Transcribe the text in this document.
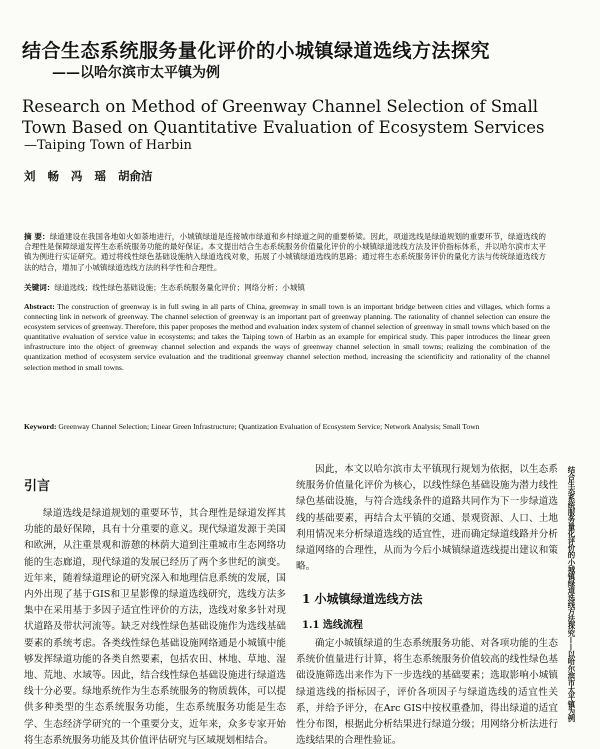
结合生态系统服务量化评价的小城镇绿道选线方法探究
——以哈尔滨市太平镇为例
Research on Method of Greenway Channel Selection of Small Town Based on Quantitative Evaluation of Ecosystem Services
—Taiping Town of Harbin
刘 畅 冯 瑶 胡俞洁
摘 要：绿道建设在我国各地如火如荼地进行，小城镇绿道是连接城市绿道和乡村绿道之间的重要桥梁。因此，项道选线是绿道规划的重要环节，绿道选线的合理性是保障绿道发挥生态系统服务功能的最好保证。本文提出结合生态系统服务价值量化评价的小城镇绿道选线方法及评价指标体系，并以哈尔滨市太平镇为例进行实证研究。通过将线性绿色基础设施纳入绿道选线对象，拓展了小城镇绿道选线的思路；通过将生态系统服务评价的量化方法与传统绿道选线方法的结合，增加了小城镇绿道选线方法的科学性和合理性。
关键词：绿道选线；线性绿色基础设施；生态系统服务量化评价；网络分析；小城镇
Abstract: The construction of greenway is in full swing in all parts of China, greenway in small town is an important bridge between cities and villages, which forms a connecting link in network of greenway. The channel selection of greenway is an important part of greenway planning. The rationality of channel selection can ensure the ecosystem services of greenway. Therefore, this paper proposes the method and evaluation index system of channel selection of greenway in small towns which based on the quantitative evaluation of service value in ecosystems; and takes the Taiping town of Harbin as an example for empirical study. This paper introduces the linear green infrastructure into the object of greenway channel selection and expands the ways of greenway channel selection in small towns; realizing the combination of the quantization method of ecosystem service evaluation and the traditional greenway channel selection method, increasing the scientificity and rationality of the channel selection method in small towns.
Keyword: Greenway Channel Selection; Linear Green Infrastructure; Quantization Evaluation of Ecosystem Service; Network Analysis; Small Town
引言
绿道选线是绿道规划的重要环节，其合理性是绿道发挥其功能的最好保障，具有十分重要的意义。现代绿道发源于美国和欧洲，从注重景观和游憩的林荫大道到注重城市生态网络功能的生态廊道，现代绿道的发展已经历了两个多世纪的演变。近年来，随着绿道理论的研究深入和地理信息系统的发展，国内外出现了基于GIS和卫星影像的绿道选线研究，选线方法多集中在采用基于多因子适宜性评价的方法，选线对象多针对现状道路及带状河流等。缺乏对线性绿色基础设施作为选线基础要素的系统考虑。各类线性绿色基础设施网络通是小城镇中能够发挥绿道功能的各类自然要素，包括农田、林地、草地、湿地、荒地、水域等。因此，结合线性绿色基础设施进行绿道选线十分必要。绿地系统作为生态系统服务的物质载体，可以提供多种类型的生态系统服务功能，生态系统服务功能是生态学、生态经济学研究的一个重要分支，近年来，众多专家开始将生态系统服务功能及其价值评估研究与区域规划相结合。
因此，本文以哈尔滨市太平镇现行规划为依据，以生态系统服务价值量化评价为核心，以线性绿色基础设施为潜力线性绿色基础设施，与符合选线条件的道路共同作为下一步绿道选线的基础要素，再结合太平镇的交通、景观资源、人口、土地利用情况来分析绿道选线的适宜性，进而确定绿道线路并分析绿道网络的合理性，从而为今后小城镇绿道选线提出建议和策略。
1 小城镇绿道选线方法
1.1 选线流程
确定小城镇绿道的生态系统服务功能、对各项功能的生态系统价值量进行计算，将生态系统服务价值较高的线性绿色基础设施筛选出来作为下一步选线的基础要素；选取影响小城镇绿道选线的指标因子，评价各项因子与绿道选线的适宜性关系，并给予评分，在Arc GIS中按权重叠加，得出绿道的适宜性分布图，根据此分析结果进行绿道分级；用网络分析法进行选线结果的合理性验证。
结合生态系统服务量化评价的小城镇绿道选线方法探究——以哈尔滨市太平镇为例
